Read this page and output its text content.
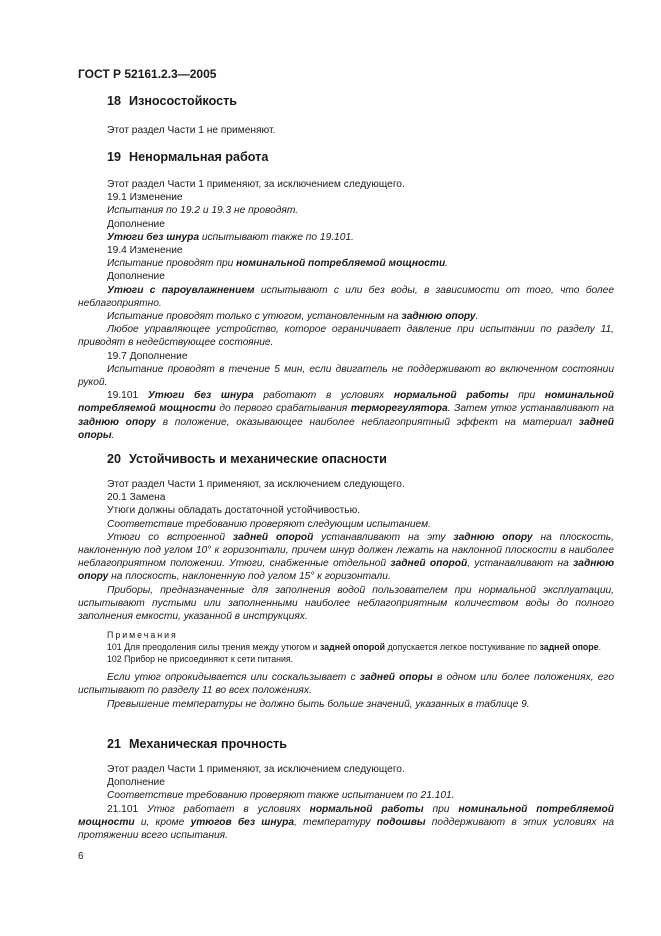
ГОСТ Р 52161.2.3—2005
18 Износостойкость

Этот раздел Части 1 не применяют.

19 Ненормальная работа

Этот раздел Части 1 применяют, за исключением следующего.

19.1 Изменение

Испытания по 19.2 и 19.3 не проводят.

Дополнение

Утюги без шнура испытывают также по 19.101.

19.4 Изменение

Испытание проводят при номинальной потребляемой мощности.

Дополнение

Утюги с пароувлажнением испытывают с или без воды, в зависимости от того, что более неблагоприятно.

Испытание проводят только с утюгом, установленным на заднюю опору.

Любое управляющее устройство, которое ограничивает давление при испытании по разделу 11, приводят в недействующее состояние.

19.7 Дополнение

Испытание проводят в течение 5 мин, если двигатель не поддерживают во включенном состоянии рукой.

19.101 Утюги без шнура работают в условиях нормальной работы при номинальной потребляемой мощности до первого срабатывания терморегулятора. Затем утюг устанавливают на заднюю опору в положение, оказывающее наиболее неблагоприятный эффект на материал задней опоры.

20 Устойчивость и механические опасности

Этот раздел Части 1 применяют, за исключением следующего.

20.1 Замена

Утюги должны обладать достаточной устойчивостью.

Соответствие требованию проверяют следующим испытанием.

Утюги со встроенной задней опорой устанавливают на эту заднюю опору на плоскость, наклоненную под углом 10° к горизонтали, причем шнур должен лежать на наклонной плоскости в наиболее неблагоприятном положении. Утюги, снабженные отдельной задней опорой, устанавливают на заднюю опору на плоскость, наклоненную под углом 15° к горизонтали.

Приборы, предназначенные для заполнения водой пользователем при нормальной эксплуатации, испытывают пустыми или заполненными наиболее неблагоприятным количеством воды до полного заполнения емкости, указанной в инструкциях.

Примечания

101 Для преодоления силы трения между утюгом и задней опорой допускается легкое постукивание по задней опоре.

102 Прибор не присоединяют к сети питания.

Если утюг опрокидывается или соскальзывает с задней опоры в одном или более положениях, его испытывают по разделу 11 во всех положениях.

Превышение температуры не должно быть больше значений, указанных в таблице 9.

21 Механическая прочность

Этот раздел Части 1 применяют, за исключением следующего.

Дополнение

Соответствие требованию проверяют также испытанием по 21.101.

21.101 Утюг работает в условиях нормальной работы при номинальной потребляемой мощности и, кроме утюгов без шнура, температуру подошвы поддерживают в этих условиях на протяжении всего испытания.

6
